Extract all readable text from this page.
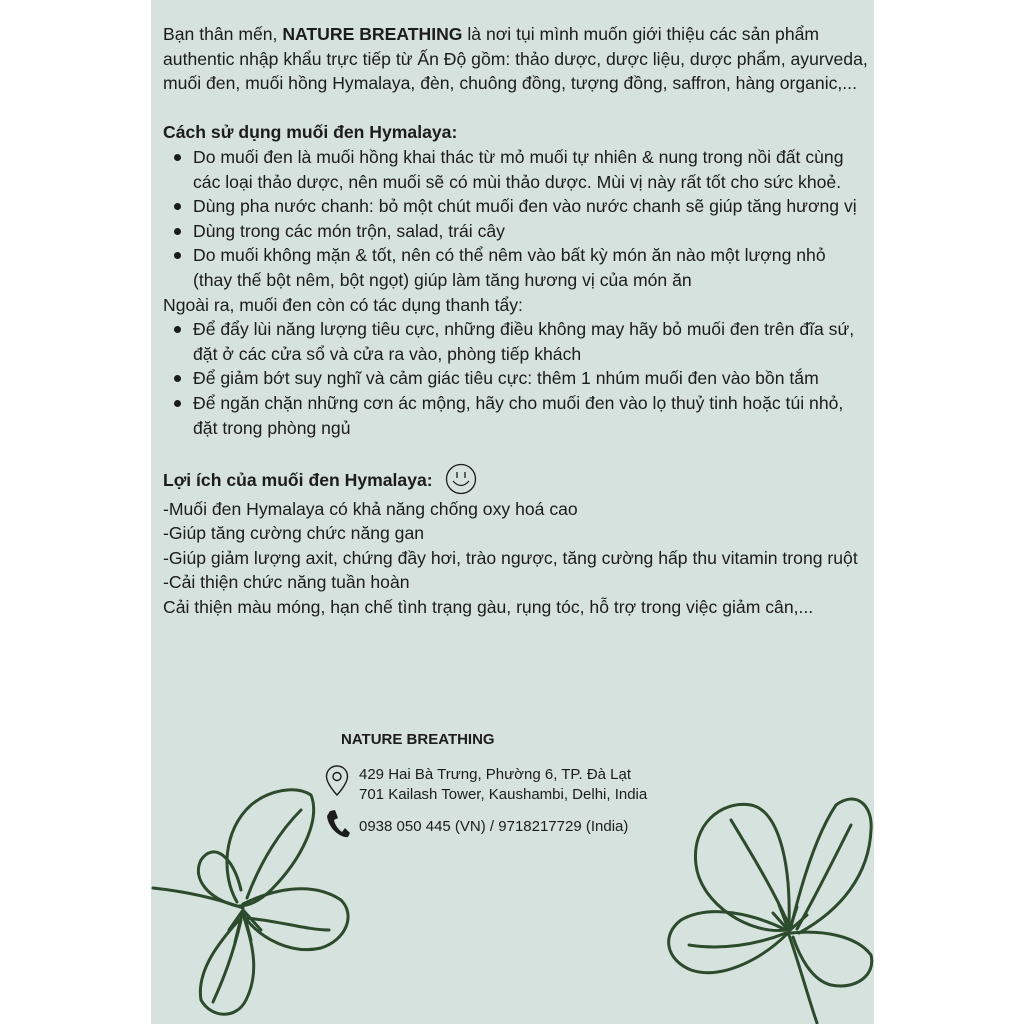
Bạn thân mến, NATURE BREATHING là nơi tụi mình muốn giới thiệu các sản phẩm authentic nhập khẩu trực tiếp từ Ấn Độ gồm: thảo dược, dược liệu, dược phẩm, ayurveda, muối đen, muối hồng Hymalaya, đèn, chuông đồng, tượng đồng, saffron, hàng organic,...

Cách sử dụng muối đen Hymalaya:

Do muối đen là muối hồng khai thác từ mỏ muối tự nhiên & nung trong nồi đất cùng các loại thảo dược, nên muối sẽ có mùi thảo dược. Mùi vị này rất tốt cho sức khoẻ.
Dùng pha nước chanh: bỏ một chút muối đen vào nước chanh sẽ giúp tăng hương vị
Dùng trong các món trộn, salad, trái cây
Do muối không mặn & tốt, nên có thể nêm vào bất kỳ món ăn nào một lượng nhỏ (thay thế bột nêm, bột ngọt) giúp làm tăng hương vị của món ăn

Ngoài ra, muối đen còn có tác dụng thanh tẩy:

Để đẩy lùi năng lượng tiêu cực, những điều không may hãy bỏ muối đen trên đĩa sứ, đặt ở các cửa sổ và cửa ra vào, phòng tiếp khách
Để giảm bớt suy nghĩ và cảm giác tiêu cực: thêm 1 nhúm muối đen vào bồn tắm
Để ngăn chặn những cơn ác mộng, hãy cho muối đen vào lọ thuỷ tinh hoặc túi nhỏ, đặt trong phòng ngủ

Lợi ích của muối đen Hymalaya:

-Muối đen Hymalaya có khả năng chống oxy hoá cao

-Giúp tăng cường chức năng gan

-Giúp giảm lượng axit, chứng đầy hơi, trào ngược, tăng cường hấp thu vitamin trong ruột

-Cải thiện chức năng tuần hoàn

Cải thiện màu móng, hạn chế tình trạng gàu, rụng tóc, hỗ trợ trong việc giảm cân,...

NATURE BREATHING
429 Hai Bà Trưng, Phường 6, TP. Đà Lạt
701 Kailash Tower, Kaushambi, Delhi, India
0938 050 445 (VN) / 9718217729 (India)
